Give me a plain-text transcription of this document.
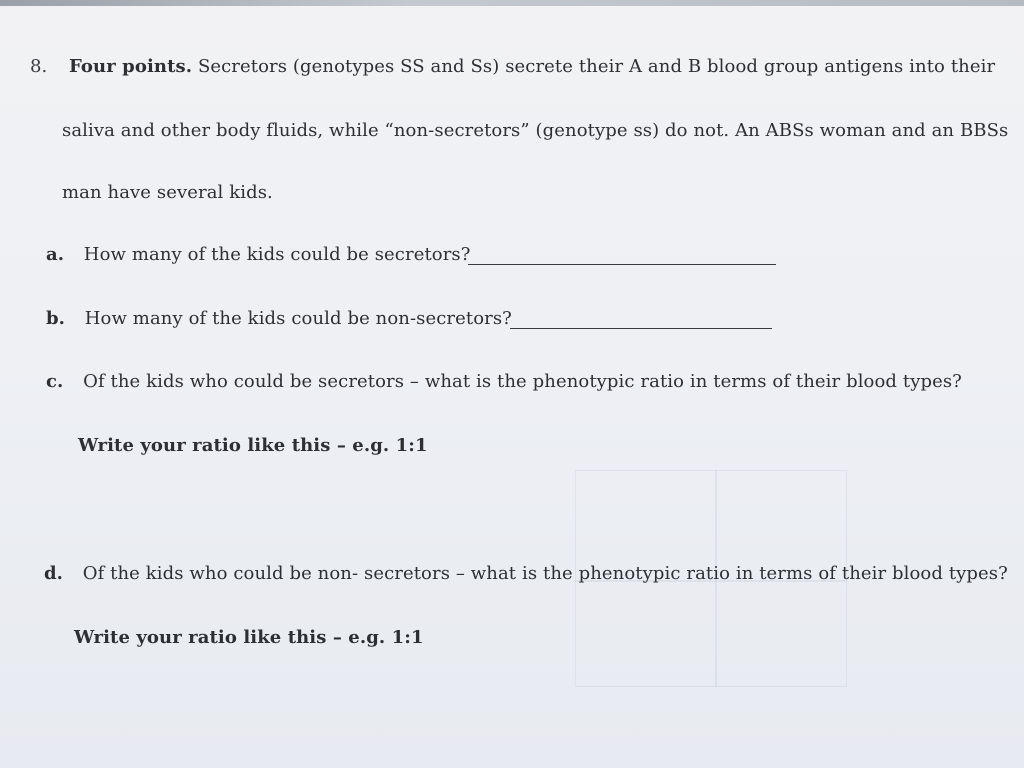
8. Four points. Secretors (genotypes SS and Ss) secrete their A and B blood group antigens into their
saliva and other body fluids, while “non-secretors” (genotype ss) do not. An ABSs woman and an BBSs
man have several kids.
a. How many of the kids could be secretors?
b. How many of the kids could be non-secretors?
c. Of the kids who could be secretors – what is the phenotypic ratio in terms of their blood types?
Write your ratio like this – e.g. 1:1
d. Of the kids who could be non- secretors – what is the phenotypic ratio in terms of their blood types?
Write your ratio like this – e.g. 1:1
